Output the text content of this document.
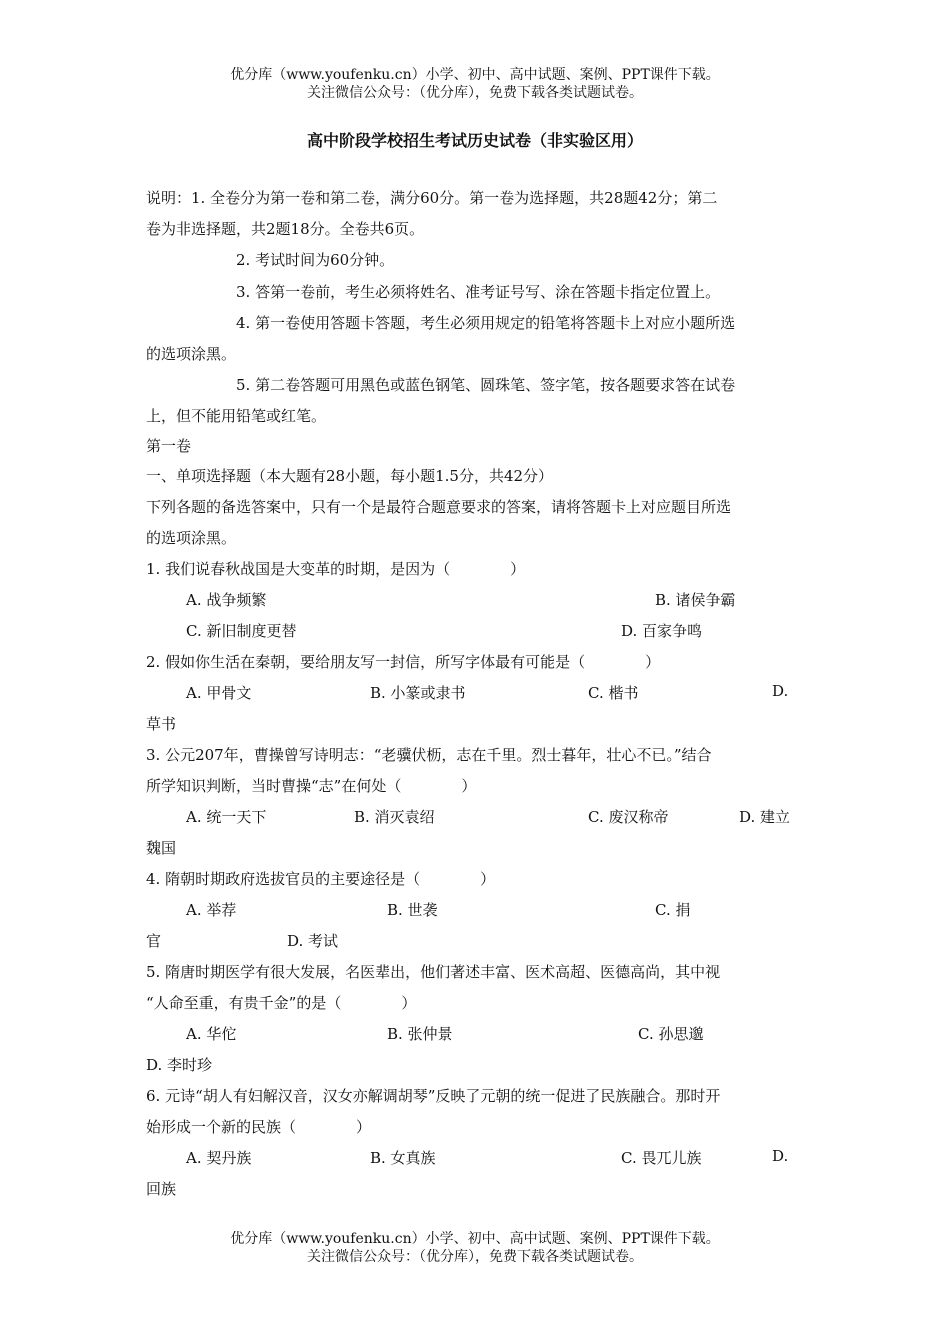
优分库（www.youfenku.cn）小学、初中、高中试题、案例、PPT课件下载。
关注微信公众号：（优分库），免费下载各类试题试卷。
高中阶段学校招生考试历史试卷（非实验区用）
说明：1. 全卷分为第一卷和第二卷，满分60分。第一卷为选择题，共28题42分；第二
卷为非选择题，共2题18分。全卷共6页。
2. 考试时间为60分钟。
3. 答第一卷前，考生必须将姓名、准考证号写、涂在答题卡指定位置上。
4. 第一卷使用答题卡答题，考生必须用规定的铅笔将答题卡上对应小题所选
的选项涂黑。
5. 第二卷答题可用黑色或蓝色钢笔、圆珠笔、签字笔，按各题要求答在试卷
上，但不能用铅笔或红笔。
第一卷
一、单项选择题（本大题有28小题，每小题1.5分，共42分）
下列各题的备选答案中，只有一个是最符合题意要求的答案，请将答题卡上对应题目所选
的选项涂黑。
1. 我们说春秋战国是大变革的时期，是因为（　　　　）
A. 战争频繁	B. 诸侯争霸
C. 新旧制度更替	D. 百家争鸣
2. 假如你生活在秦朝，要给朋友写一封信，所写字体最有可能是（　　　　）
A. 甲骨文	B. 小篆或隶书	C. 楷书	D.
草书
3. 公元207年，曹操曾写诗明志：“老骥伏枥，志在千里。烈士暮年，壮心不已。”结合
所学知识判断，当时曹操“志”在何处（　　　　）
A. 统一天下	B. 消灭袁绍	C. 废汉称帝	D. 建立
魏国
4. 隋朝时期政府选拔官员的主要途径是（　　　　）
A. 举荐	B. 世袭	C. 捐
官	D. 考试
5. 隋唐时期医学有很大发展，名医辈出，他们著述丰富、医术高超、医德高尚，其中视
“人命至重，有贵千金”的是（　　　　）
A. 华佗	B. 张仲景	C. 孙思邈
D. 李时珍
6. 元诗“胡人有妇解汉音，汉女亦解调胡琴”反映了元朝的统一促进了民族融合。那时开
始形成一个新的民族（　　　　）
A. 契丹族	B. 女真族	C. 畏兀儿族	D.
回族
优分库（www.youfenku.cn）小学、初中、高中试题、案例、PPT课件下载。
关注微信公众号：（优分库），免费下载各类试题试卷。
